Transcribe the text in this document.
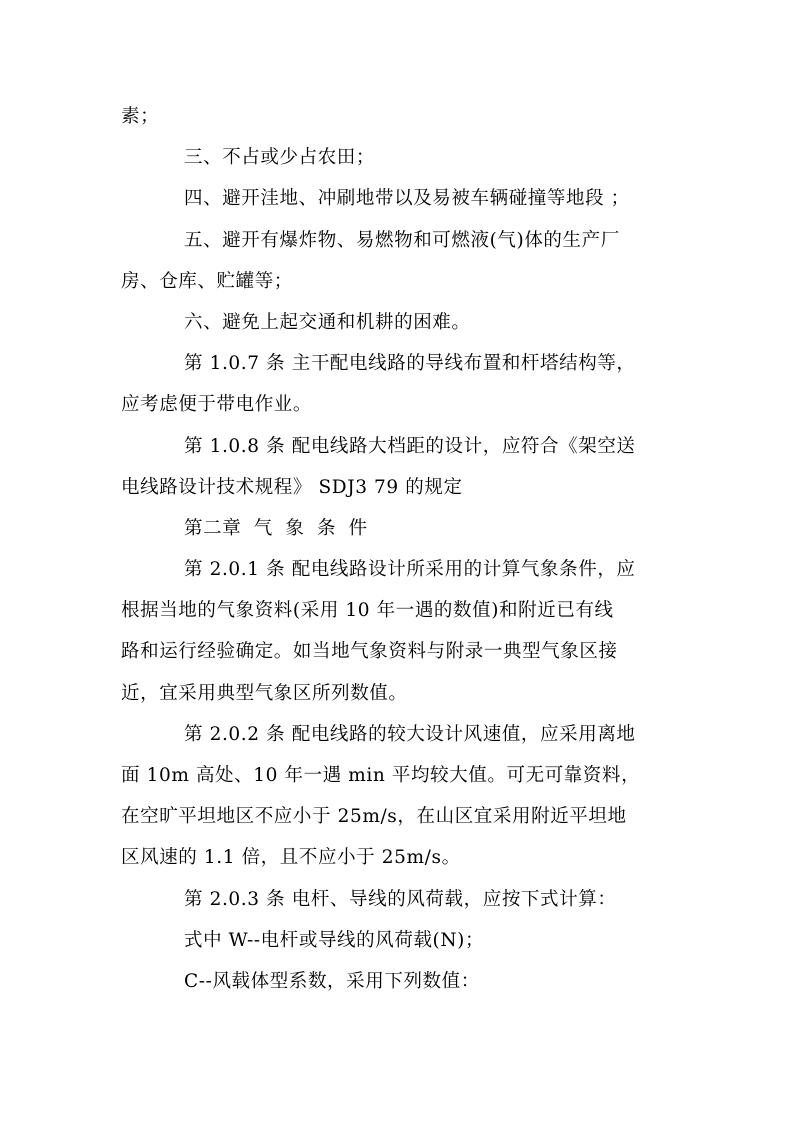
素；
三、不占或少占农田；
四、避开洼地、冲刷地带以及易被车辆碰撞等地段 ；
五、避开有爆炸物、易燃物和可燃液(气)体的生产厂
房、仓库、贮罐等；
六、避免上起交通和机耕的困难。
第 1.0.7 条 主干配电线路的导线布置和杆塔结构等，
应考虑便于带电作业。
第 1.0.8 条 配电线路大档距的设计，应符合《架空送
电线路设计技术规程》 SDJ3 79 的规定
第二章 气 象 条 件
第 2.0.1 条 配电线路设计所采用的计算气象条件，应
根据当地的气象资料(采用 10 年一遇的数值)和附近已有线
路和运行经验确定。如当地气象资料与附录一典型气象区接
近，宜采用典型气象区所列数值。
第 2.0.2 条 配电线路的较大设计风速值，应采用离地
面 10m 高处、10 年一遇 min 平均较大值。可无可靠资料，
在空旷平坦地区不应小于 25m/s，在山区宜采用附近平坦地
区风速的 1.1 倍，且不应小于 25m/s。
第 2.0.3 条 电杆、导线的风荷载，应按下式计算：
式中 W--电杆或导线的风荷载(N)；
C--风载体型系数，采用下列数值：
